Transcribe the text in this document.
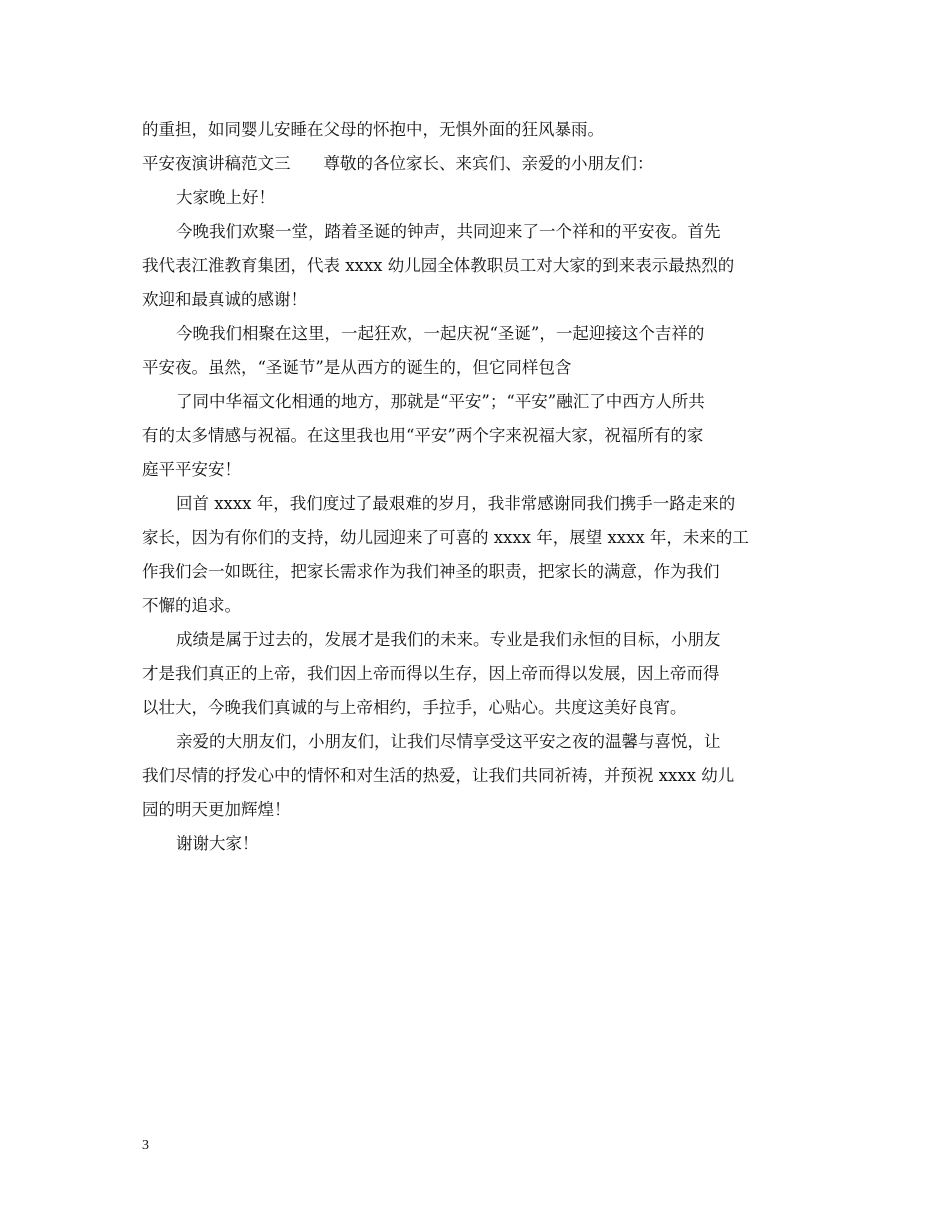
的重担，如同婴儿安睡在父母的怀抱中，无惧外面的狂风暴雨。
平安夜演讲稿范文三　　尊敬的各位家长、来宾们、亲爱的小朋友们：
大家晚上好！
今晚我们欢聚一堂，踏着圣诞的钟声，共同迎来了一个祥和的平安夜。首先
我代表江淮教育集团，代表 xxxx 幼儿园全体教职员工对大家的到来表示最热烈的
欢迎和最真诚的感谢！
今晚我们相聚在这里，一起狂欢，一起庆祝“圣诞”，一起迎接这个吉祥的
平安夜。虽然，“圣诞节”是从西方的诞生的，但它同样包含
了同中华福文化相通的地方，那就是“平安”；“平安”融汇了中西方人所共
有的太多情感与祝福。在这里我也用“平安”两个字来祝福大家，祝福所有的家
庭平平安安！
回首 xxxx 年，我们度过了最艰难的岁月，我非常感谢同我们携手一路走来的
家长，因为有你们的支持，幼儿园迎来了可喜的 xxxx 年，展望 xxxx 年，未来的工
作我们会一如既往，把家长需求作为我们神圣的职责，把家长的满意，作为我们
不懈的追求。
成绩是属于过去的，发展才是我们的未来。专业是我们永恒的目标，小朋友
才是我们真正的上帝，我们因上帝而得以生存，因上帝而得以发展，因上帝而得
以壮大，今晚我们真诚的与上帝相约，手拉手，心贴心。共度这美好良宵。
亲爱的大朋友们，小朋友们，让我们尽情享受这平安之夜的温馨与喜悦，让
我们尽情的抒发心中的情怀和对生活的热爱，让我们共同祈祷，并预祝 xxxx 幼儿
园的明天更加辉煌！
谢谢大家！
3
